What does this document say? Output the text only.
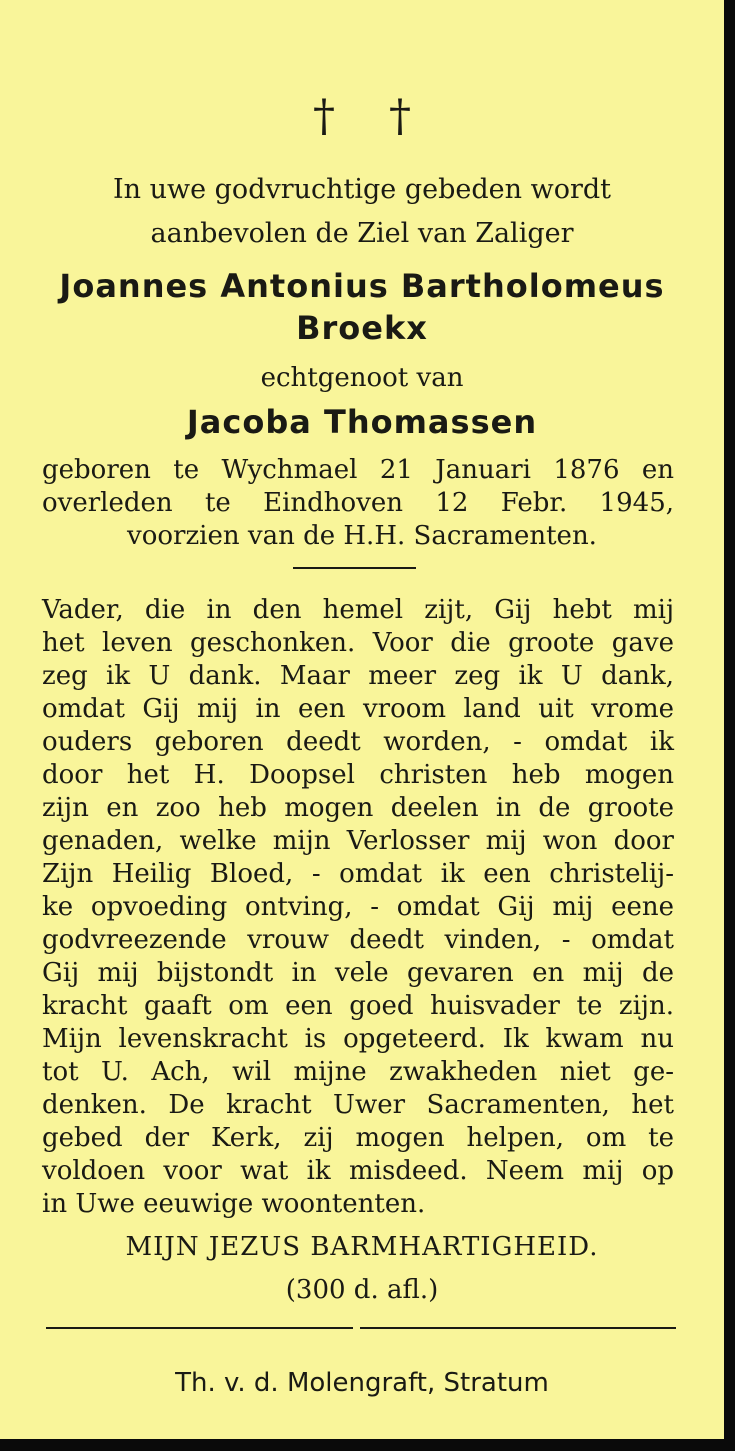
† †
In uwe godvruchtige gebeden wordt
aanbevolen de Ziel van Zaliger
Joannes Antonius Bartholomeus
Broekx
echtgenoot van
Jacoba Thomassen
geboren te Wychmael 21 Januari 1876 en
overleden te Eindhoven 12 Febr. 1945,
voorzien van de H.H. Sacramenten.
Vader, die in den hemel zijt, Gij hebt mij
het leven geschonken. Voor die groote gave
zeg ik U dank. Maar meer zeg ik U dank,
omdat Gij mij in een vroom land uit vrome
ouders geboren deedt worden, - omdat ik
door het H. Doopsel christen heb mogen
zijn en zoo heb mogen deelen in de groote
genaden, welke mijn Verlosser mij won door
Zijn Heilig Bloed, - omdat ik een christelij-
ke opvoeding ontving, - omdat Gij mij eene
godvreezende vrouw deedt vinden, - omdat
Gij mij bijstondt in vele gevaren en mij de
kracht gaaft om een goed huisvader te zijn.
Mijn levenskracht is opgeteerd. Ik kwam nu
tot U. Ach, wil mijne zwakheden niet ge-
denken. De kracht Uwer Sacramenten, het
gebed der Kerk, zij mogen helpen, om te
voldoen voor wat ik misdeed. Neem mij op
in Uwe eeuwige woontenten.
MIJN JEZUS BARMHARTIGHEID.
(300 d. afl.)
Th. v. d. Molengraft, Stratum
